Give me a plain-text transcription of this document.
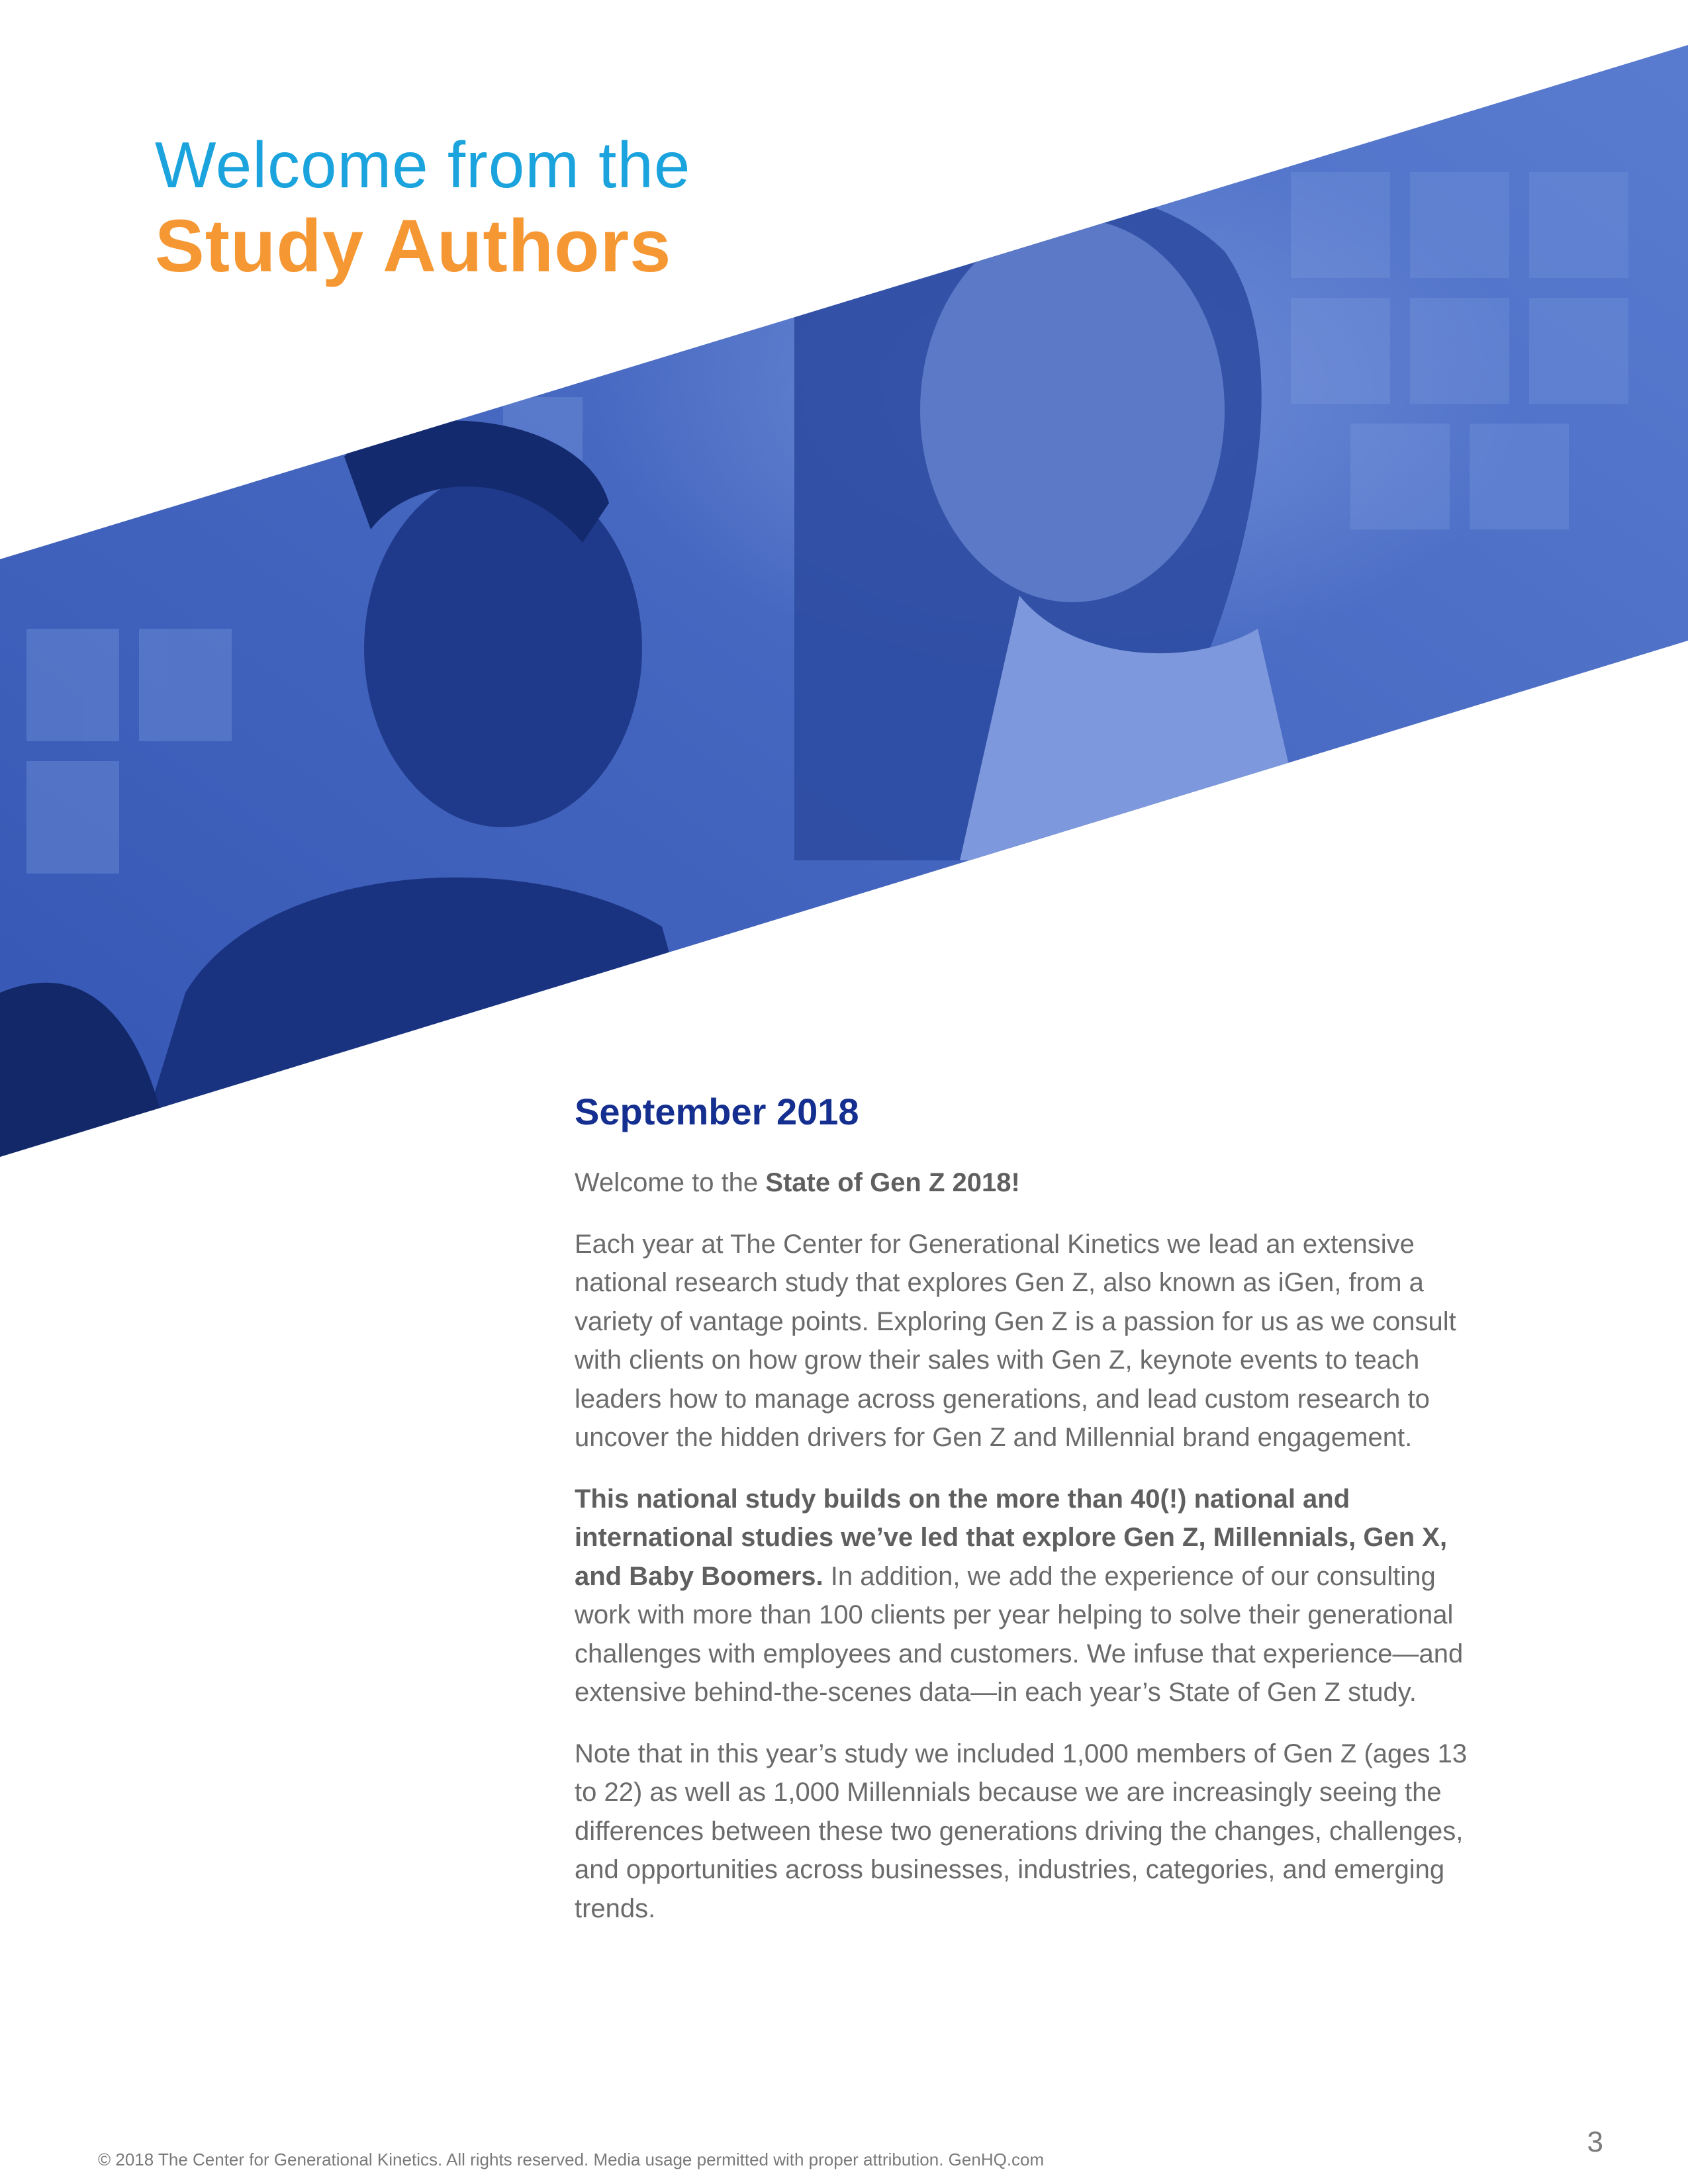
Welcome from the
Study Authors
September 2018

Welcome to the State of Gen Z 2018!

Each year at The Center for Generational Kinetics we lead an extensive national research study that explores Gen Z, also known as iGen, from a variety of vantage points. Exploring Gen Z is a passion for us as we consult with clients on how grow their sales with Gen Z, keynote events to teach leaders how to manage across generations, and lead custom research to uncover the hidden drivers for Gen Z and Millennial brand engagement.

This national study builds on the more than 40(!) national and international studies we’ve led that explore Gen Z, Millennials, Gen X, and Baby Boomers. In addition, we add the experience of our consulting work with more than 100 clients per year helping to solve their generational challenges with employees and customers. We infuse that experience—and extensive behind-the-scenes data—in each year’s State of Gen Z study.

Note that in this year’s study we included 1,000 members of Gen Z (ages 13 to 22) as well as 1,000 Millennials because we are increasingly seeing the differences between these two generations driving the changes, challenges, and opportunities across businesses, industries, categories, and emerging trends.

© 2018 The Center for Generational Kinetics. All rights reserved. Media usage permitted with proper attribution. GenHQ.com
3
